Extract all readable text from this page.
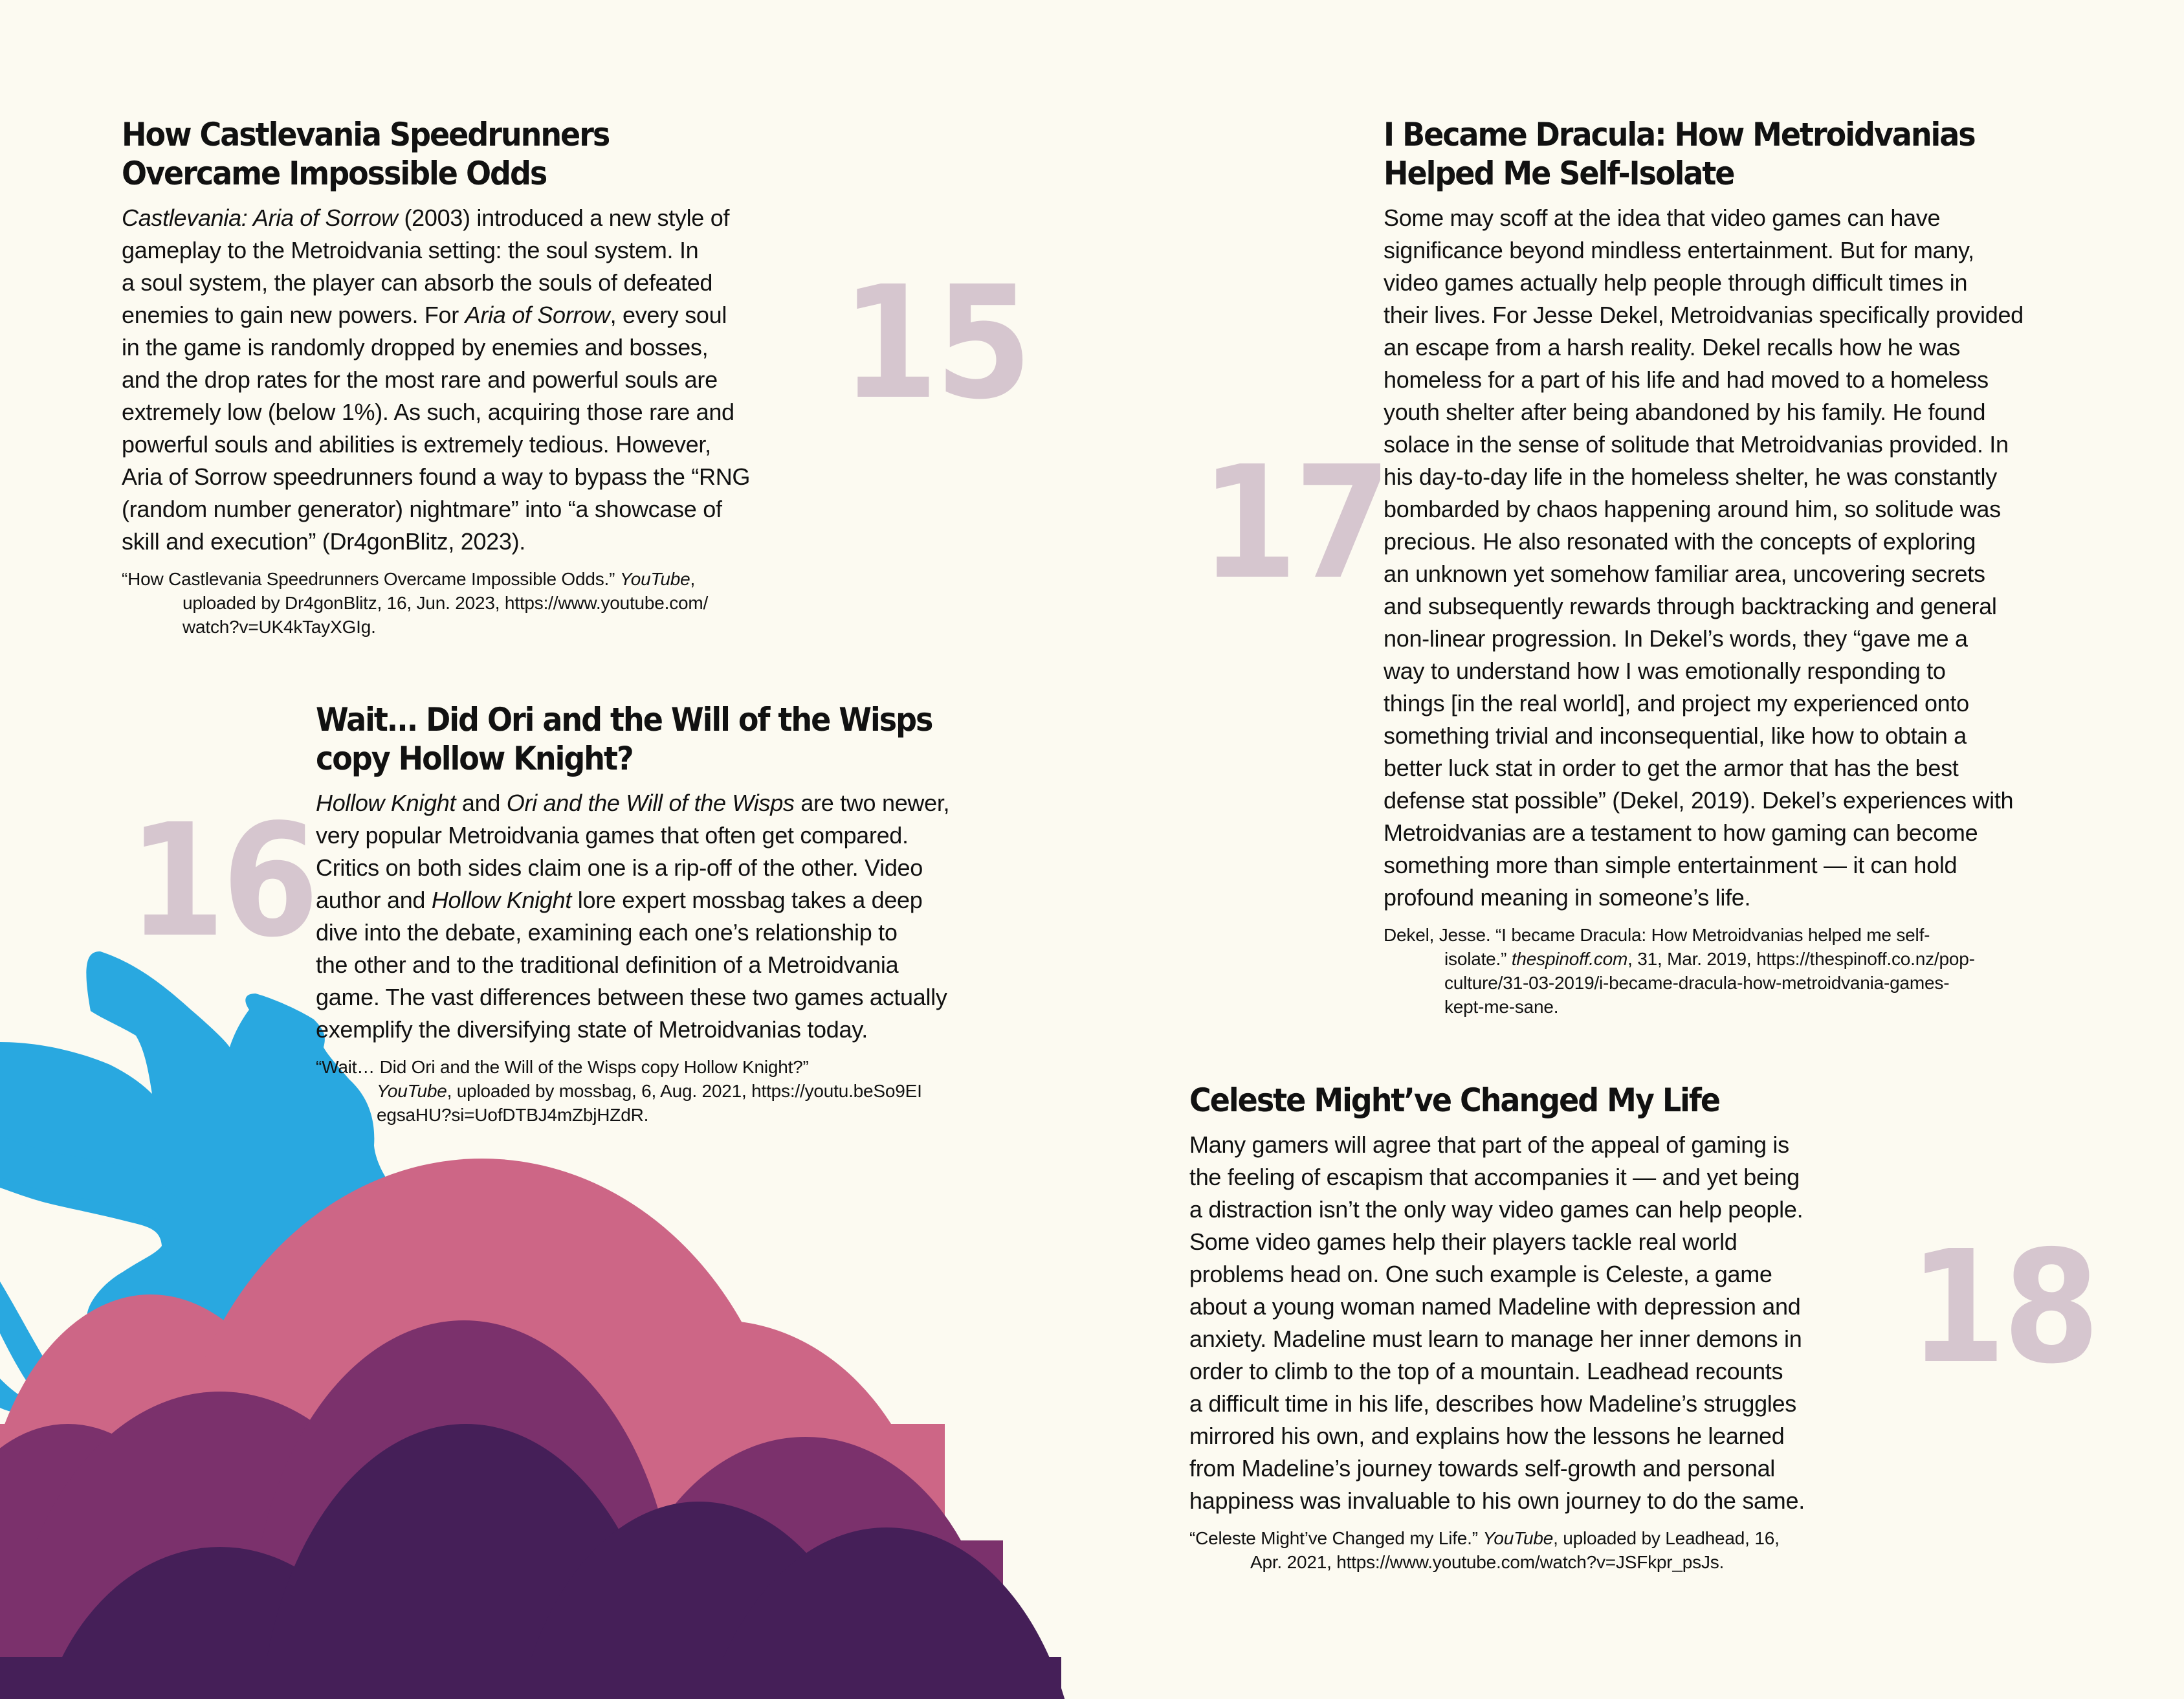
15
16
17
18
How Castlevania Speedrunners
Overcame Impossible Odds
Castlevania: Aria of Sorrow (2003) introduced a new style of
gameplay to the Metroidvania setting: the soul system. In
a soul system, the player can absorb the souls of defeated
enemies to gain new powers. For Aria of Sorrow, every soul
in the game is randomly dropped by enemies and bosses,
and the drop rates for the most rare and powerful souls are
extremely low (below 1%). As such, acquiring those rare and
powerful souls and abilities is extremely tedious. However,
Aria of Sorrow speedrunners found a way to bypass the “RNG
(random number generator) nightmare” into “a showcase of
skill and execution” (Dr4gonBlitz, 2023).
“How Castlevania Speedrunners Overcame Impossible Odds.” YouTube,
uploaded by Dr4gonBlitz, 16, Jun. 2023, https://www.youtube.com/
watch?v=UK4kTayXGIg.
Wait... Did Ori and the Will of the Wisps
copy Hollow Knight?
Hollow Knight and Ori and the Will of the Wisps are two newer,
very popular Metroidvania games that often get compared.
Critics on both sides claim one is a rip-off of the other. Video
author and Hollow Knight lore expert mossbag takes a deep
dive into the debate, examining each one’s relationship to
the other and to the traditional definition of a Metroidvania
game. The vast differences between these two games actually
exemplify the diversifying state of Metroidvanias today.
“Wait… Did Ori and the Will of the Wisps copy Hollow Knight?”
YouTube, uploaded by mossbag, 6, Aug. 2021, https://youtu.beSo9EI
egsaHU?si=UofDTBJ4mZbjHZdR.
I Became Dracula: How Metroidvanias
Helped Me Self-Isolate
Some may scoff at the idea that video games can have
significance beyond mindless entertainment. But for many,
video games actually help people through difficult times in
their lives. For Jesse Dekel, Metroidvanias specifically provided
an escape from a harsh reality. Dekel recalls how he was
homeless for a part of his life and had moved to a homeless
youth shelter after being abandoned by his family. He found
solace in the sense of solitude that Metroidvanias provided. In
his day-to-day life in the homeless shelter, he was constantly
bombarded by chaos happening around him, so solitude was
precious. He also resonated with the concepts of exploring
an unknown yet somehow familiar area, uncovering secrets
and subsequently rewards through backtracking and general
non-linear progression. In Dekel’s words, they “gave me a
way to understand how I was emotionally responding to
things [in the real world], and project my experienced onto
something trivial and inconsequential, like how to obtain a
better luck stat in order to get the armor that has the best
defense stat possible” (Dekel, 2019). Dekel’s experiences with
Metroidvanias are a testament to how gaming can become
something more than simple entertainment — it can hold
profound meaning in someone’s life.
Dekel, Jesse. “I became Dracula: How Metroidvanias helped me self-
isolate.” thespinoff.com, 31, Mar. 2019, https://thespinoff.co.nz/pop-
culture/31-03-2019/i-became-dracula-how-metroidvania-games-
kept-me-sane.
Celeste Might’ve Changed My Life
Many gamers will agree that part of the appeal of gaming is
the feeling of escapism that accompanies it — and yet being
a distraction isn’t the only way video games can help people.
Some video games help their players tackle real world
problems head on. One such example is Celeste, a game
about a young woman named Madeline with depression and
anxiety. Madeline must learn to manage her inner demons in
order to climb to the top of a mountain. Leadhead recounts
a difficult time in his life, describes how Madeline’s struggles
mirrored his own, and explains how the lessons he learned
from Madeline’s journey towards self-growth and personal
happiness was invaluable to his own journey to do the same.
“Celeste Might’ve Changed my Life.” YouTube, uploaded by Leadhead, 16,
Apr. 2021, https://www.youtube.com/watch?v=JSFkpr_psJs.
